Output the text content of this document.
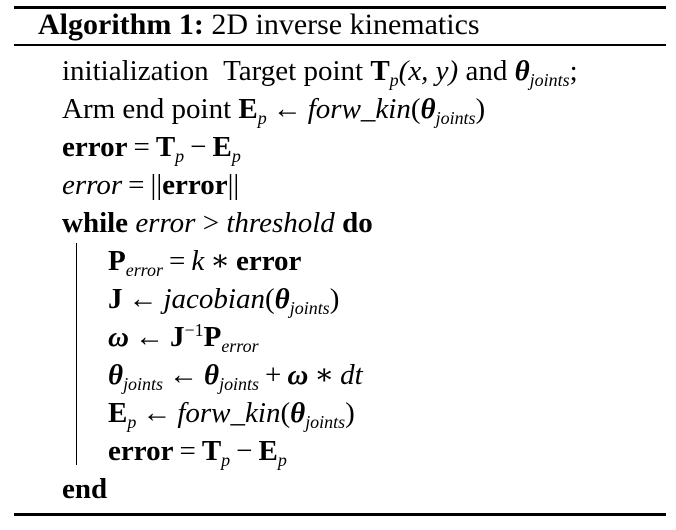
Algorithm 1: 2D inverse kinematics
initialization Target point $T_p(x$, y) and $\theta_{joints}$;
Arm end point $E_p$ ← $forw\_kin(\theta_{joints})$
error = $T_p - E_p$
error = ||error||
while error > threshold do
$P_{error} = k$ ∗ error
J ← $jacobian(\theta_{joints})$
ω ← $J^{-1}P_{error}$
$\theta_{joints}$ ← $\theta_{joints} + \omega$ ∗ dt
$E_p$ ← $forw\_kin(\theta_{joints})$
error = $T_p - E_p$
end
